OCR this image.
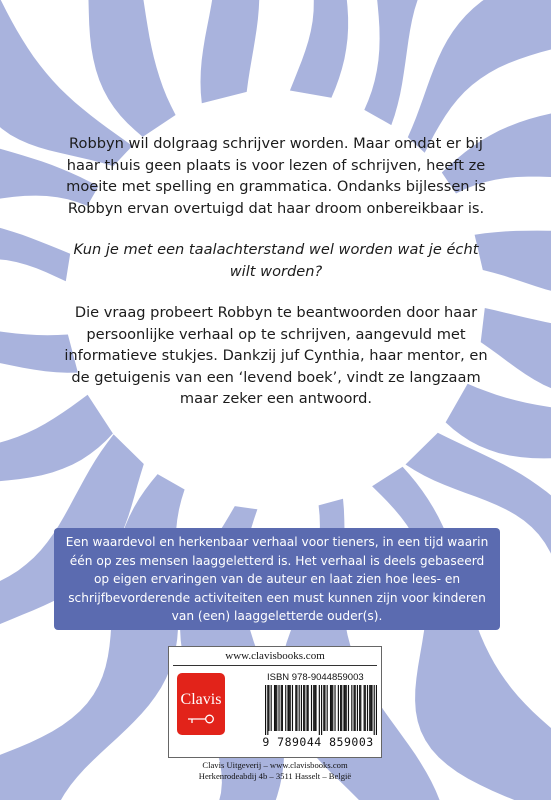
Robbyn wil dolgraag schrijver worden. Maar omdat er bij haar thuis geen plaats is voor lezen of schrijven, heeft ze moeite met spelling en grammatica. Ondanks bijlessen is Robbyn ervan overtuigd dat haar droom onbereikbaar is.

Kun je met een taalachterstand wel worden wat je écht wilt worden?

Die vraag probeert Robbyn te beantwoorden door haar persoonlijke verhaal op te schrijven, aangevuld met informatieve stukjes. Dankzij juf Cynthia, haar mentor, en de getuigenis van een ‘levend boek’, vindt ze langzaam maar zeker een antwoord.

Een waardevol en herkenbaar verhaal voor tieners, in een tijd waarin één op zes mensen laaggeletterd is. Het verhaal is deels gebaseerd op eigen ervaringen van de auteur en laat zien hoe lees- en schrijfbevorderende activiteiten een must kunnen zijn voor kinderen van (een) laaggeletterde ouder(s).
www.clavisbooks.com
Clavis
ISBN 978-9044859003
9 789044 859003
Clavis Uitgeverij – www.clavisbooks.com
Herkenrodeabdij 4b – 3511 Hasselt – België
